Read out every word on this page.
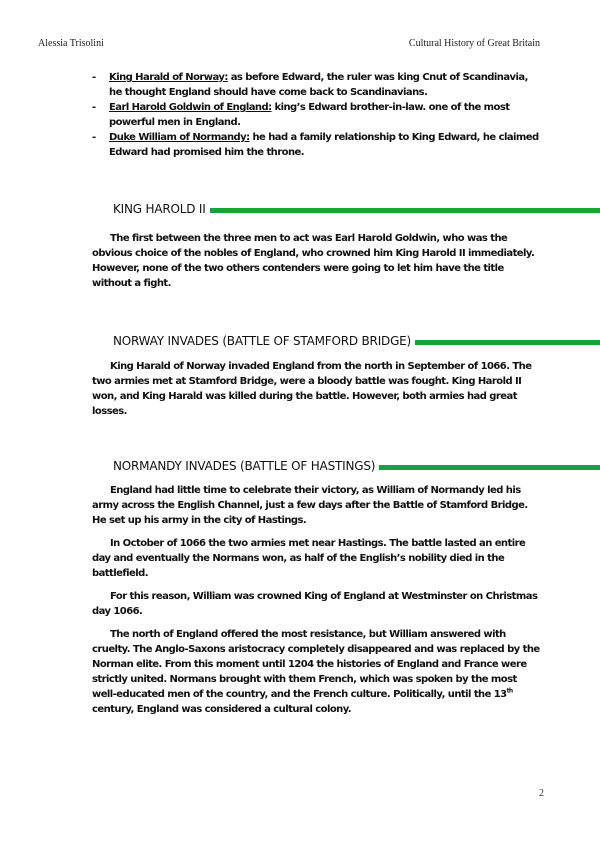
Alessia Trisolini	Cultural History of Great Britain
- King Harald of Norway: as before Edward, the ruler was king Cnut of Scandinavia, he thought England should have come back to Scandinavians.
- Earl Harold Goldwin of England: king’s Edward brother-in-law. one of the most powerful men in England.
- Duke William of Normandy: he had a family relationship to King Edward, he claimed Edward had promised him the throne.
KING HAROLD II

The first between the three men to act was Earl Harold Goldwin, who was the obvious choice of the nobles of England, who crowned him King Harold II immediately. However, none of the two others contenders were going to let him have the title without a fight.

NORWAY INVADES (BATTLE OF STAMFORD BRIDGE)

King Harald of Norway invaded England from the north in September of 1066. The two armies met at Stamford Bridge, were a bloody battle was fought. King Harold II won, and King Harald was killed during the battle. However, both armies had great losses.

NORMANDY INVADES (BATTLE OF HASTINGS)

England had little time to celebrate their victory, as William of Normandy led his army across the English Channel, just a few days after the Battle of Stamford Bridge. He set up his army in the city of Hastings.

In October of 1066 the two armies met near Hastings. The battle lasted an entire day and eventually the Normans won, as half of the English’s nobility died in the battlefield.

For this reason, William was crowned King of England at Westminster on Christmas day 1066.

The north of England offered the most resistance, but William answered with cruelty. The Anglo-Saxons aristocracy completely disappeared and was replaced by the Norman elite. From this moment until 1204 the histories of England and France were strictly united. Normans brought with them French, which was spoken by the most well-educated men of the country, and the French culture. Politically, until the 13th century, England was considered a cultural colony.

2
